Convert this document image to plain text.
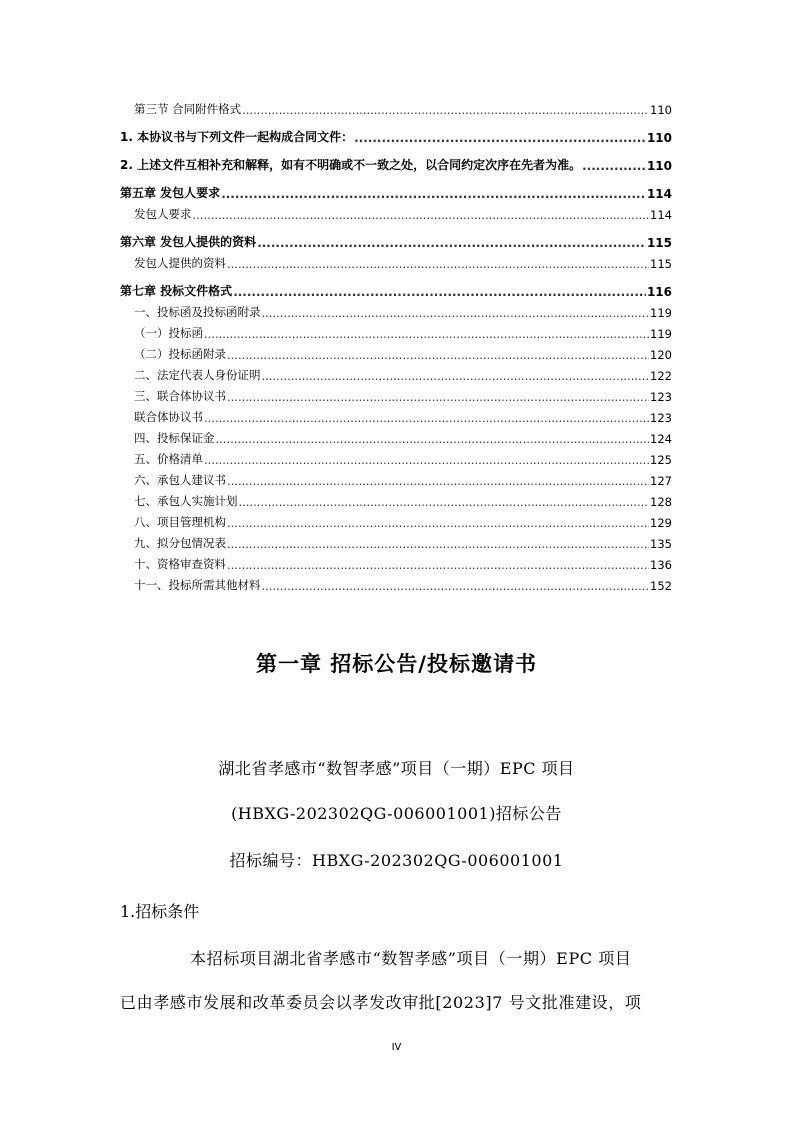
第三节 合同附件格式 .....	110
1. 本协议书与下列文件一起构成合同文件： .....	110
2. 上述文件互相补充和解释，如有不明确或不一致之处，以合同约定次序在先者为准。 .....	110
第五章 发包人要求 .....	114
发包人要求 .....	114
第六章 发包人提供的资料 .....	115
发包人提供的资料 .....	115
第七章 投标文件格式 .....	116
一、投标函及投标函附录 .....	119
（一）投标函 .....	119
（二）投标函附录 .....	120
二、法定代表人身份证明 .....	122
三、联合体协议书 .....	123
联合体协议书 .....	123
四、投标保证金 .....	124
五、价格清单 .....	125
六、承包人建议书 .....	127
七、承包人实施计划 .....	128
八、项目管理机构 .....	129
九、拟分包情况表 .....	135
十、资格审查资料 .....	136
十一、投标所需其他材料 .....	152
第一章 招标公告/投标邀请书
湖北省孝感市“数智孝感”项目（一期）EPC 项目
(HBXG-202302QG-006001001)招标公告
招标编号：HBXG-202302QG-006001001
1.招标条件
本招标项目湖北省孝感市“数智孝感”项目（一期）EPC 项目
已由孝感市发展和改革委员会以孝发改审批[2023]7 号文批准建设，项
IV
